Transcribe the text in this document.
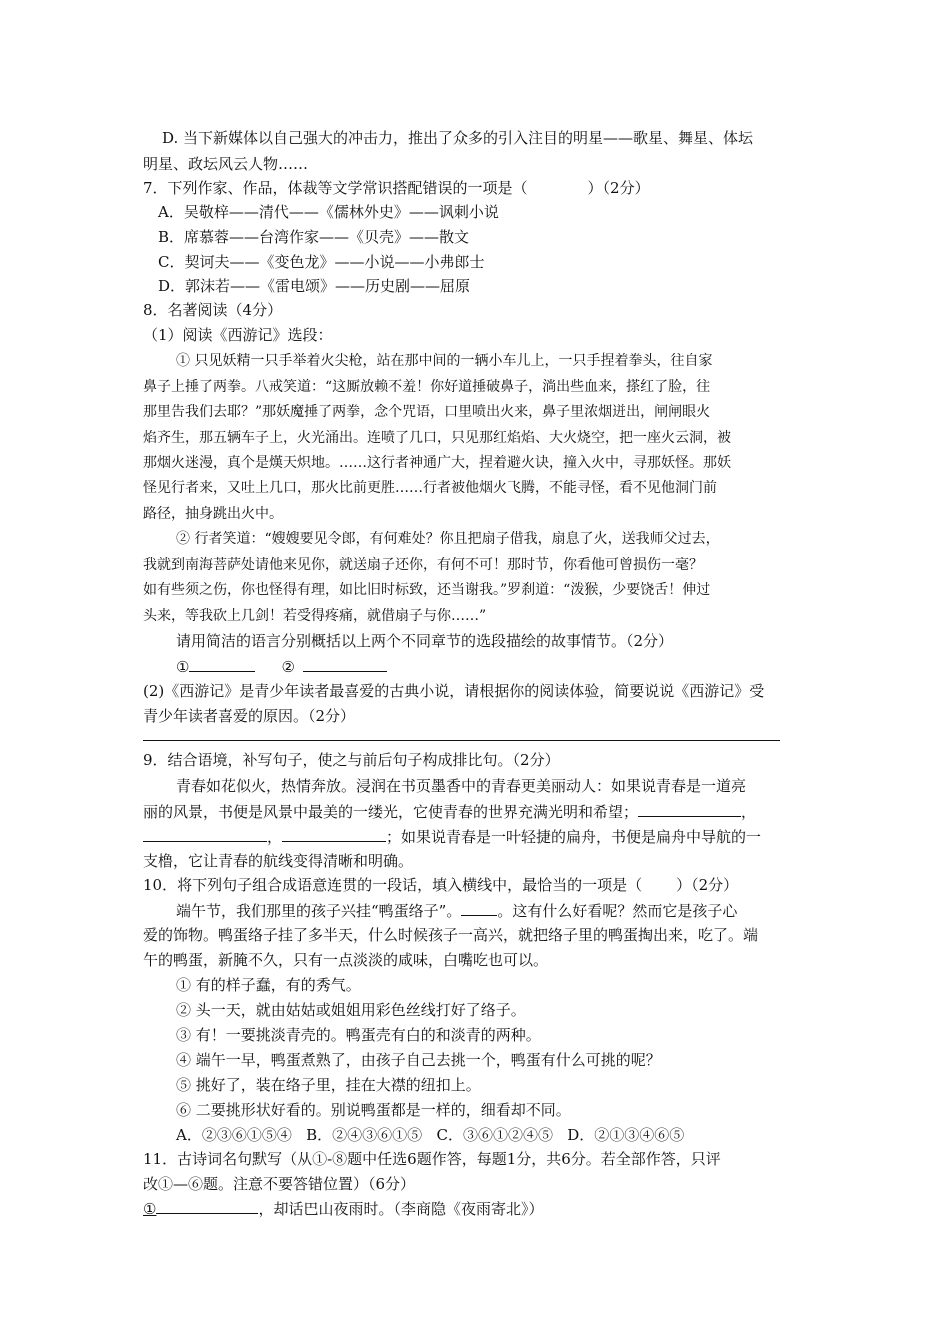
D. 当下新媒体以自己强大的冲击力，推出了众多的引入注目的明星——歌星、舞星、体坛
明星、政坛风云人物……
7．下列作家、作品，体裁等文学常识搭配错误的一项是（	）（2分）
A．吴敬梓——清代——《儒林外史》——讽刺小说
B．席慕蓉——台湾作家——《贝壳》——散文
C．契诃夫——《变色龙》——小说——小弗郎士
D．郭沫若——《雷电颂》——历史剧——屈原
8．名著阅读（4分）
（1）阅读《西游记》选段：
① 只见妖精一只手举着火尖枪，站在那中间的一辆小车儿上，一只手捏着拳头，往自家
鼻子上捶了两拳。八戒笑道：“这厮放赖不羞！你好道捶破鼻子，淌出些血来，搽红了脸，往
那里告我们去耶？”那妖魔捶了两拳，念个咒语，口里喷出火来，鼻子里浓烟迸出，闸闸眼火
焰齐生，那五辆车子上，火光涌出。连喷了几口，只见那红焰焰、大火烧空，把一座火云洞，被
那烟火迷漫，真个是熯天炽地。……这行者神通广大，捏着避火诀，撞入火中，寻那妖怪。那妖
怪见行者来，又吐上几口，那火比前更胜……行者被他烟火飞腾，不能寻怪，看不见他洞门前
路径，抽身跳出火中。
② 行者笑道：“嫂嫂要见令郎，有何难处？你且把扇子借我，扇息了火，送我师父过去，
我就到南海菩萨处请他来见你，就送扇子还你，有何不可！那时节，你看他可曾损伤一毫？
如有些须之伤，你也怪得有理，如比旧时标致，还当谢我。”罗刹道：“泼猴，少要饶舌！伸过
头来，等我砍上几剑！若受得疼痛，就借扇子与你……”
请用简洁的语言分别概括以上两个不同章节的选段描绘的故事情节。（2分）
①	②
(2)《西游记》是青少年读者最喜爱的古典小说，请根据你的阅读体验，简要说说《西游记》受
青少年读者喜爱的原因。（2分）
9．结合语境，补写句子，使之与前后句子构成排比句。（2分）
青春如花似火，热情奔放。浸润在书页墨香中的青春更美丽动人：如果说青春是一道亮
丽的风景，书便是风景中最美的一缕光，它使青春的世界充满光明和希望；	，
，	；如果说青春是一叶轻捷的扁舟，书便是扁舟中导航的一
支橹，它让青春的航线变得清晰和明确。
10．将下列句子组合成语意连贯的一段话，填入横线中，最恰当的一项是（ ）（2分）
端午节，我们那里的孩子兴挂“鸭蛋络子”。 。这有什么好看呢？然而它是孩子心
爱的饰物。鸭蛋络子挂了多半天，什么时候孩子一高兴，就把络子里的鸭蛋掏出来，吃了。端
午的鸭蛋，新腌不久，只有一点淡淡的咸味，白嘴吃也可以。
① 有的样子蠢，有的秀气。
② 头一天，就由姑姑或姐姐用彩色丝线打好了络子。
③ 有！一要挑淡青壳的。鸭蛋壳有白的和淡青的两种。
④ 端午一早，鸭蛋煮熟了，由孩子自己去挑一个，鸭蛋有什么可挑的呢？
⑤ 挑好了，装在络子里，挂在大襟的纽扣上。
⑥ 二要挑形状好看的。别说鸭蛋都是一样的，细看却不同。
A．②③⑥①⑤④   B．②④③⑥①⑤   C．③⑥①②④⑤   D．②①③④⑥⑤
11．古诗词名句默写（从①-⑧题中任选6题作答，每题1分，共6分。若全部作答，只评
改①—⑥题。注意不要答错位置）（6分）
①	，却话巴山夜雨时。（李商隐《夜雨寄北》）
